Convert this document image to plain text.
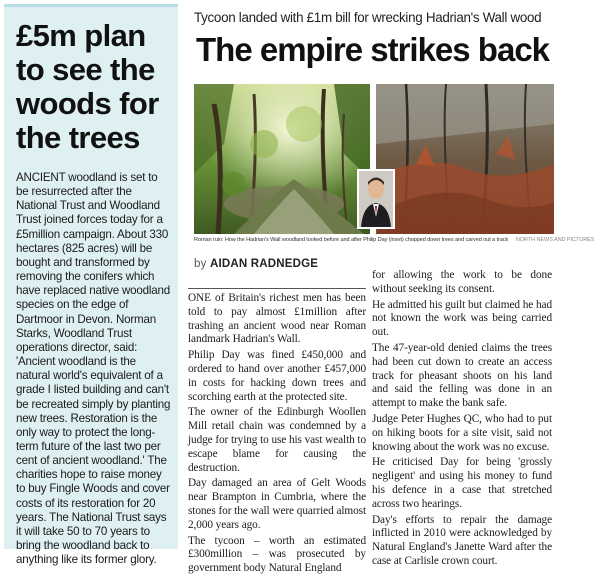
£5m plan to see the woods for the trees
ANCIENT woodland is set to be resurrected after the National Trust and Woodland Trust joined forces today for a £5million campaign. About 330 hectares (825 acres) will be bought and transformed by removing the conifers which have replaced native woodland species on the edge of Dartmoor in Devon. Norman Starks, Woodland Trust operations director, said: 'Ancient woodland is the natural world's equivalent of a grade I listed building and can't be recreated simply by planting new trees. Restoration is the only way to protect the long-term future of the last two per cent of ancient woodland.' The charities hope to raise money to buy Fingle Woods and cover costs of its restoration for 20 years. The National Trust says it will take 50 to 70 years to bring the woodland back to anything like its former glory.
Tycoon landed with £1m bill for wrecking Hadrian's Wall wood
The empire strikes back
Roman ruin: How the Hadrian's Wall woodland looked before and after Philip Day (inset) chopped down trees and carved out a track NORTH NEWS AND PICTURES
by AIDAN RADNEDGE

ONE of Britain's richest men has been told to pay almost £1million after trashing an ancient wood near Roman landmark Hadrian's Wall.

Philip Day was fined £450,000 and ordered to hand over another £457,000 in costs for hacking down trees and scorching earth at the protected site.

The owner of the Edinburgh Woollen Mill retail chain was condemned by a judge for trying to use his vast wealth to escape blame for causing the destruction.

Day damaged an area of Gelt Woods near Brampton in Cumbria, where the stones for the wall were quarried almost 2,000 years ago.

The tycoon – worth an estimated £300million – was prosecuted by government body Natural England

for allowing the work to be done without seeking its consent.

He admitted his guilt but claimed he had not known the work was being carried out.

The 47-year-old denied claims the trees had been cut down to create an access track for pheasant shoots on his land and said the felling was done in an attempt to make the bank safe.

Judge Peter Hughes QC, who had to put on hiking boots for a site visit, said not knowing about the work was no excuse.

He criticised Day for being 'grossly negligent' and using his money to fund his defence in a case that stretched across two hearings.

Day's efforts to repair the damage inflicted in 2010 were acknowledged by Natural England's Janette Ward after the case at Carlisle crown court.
